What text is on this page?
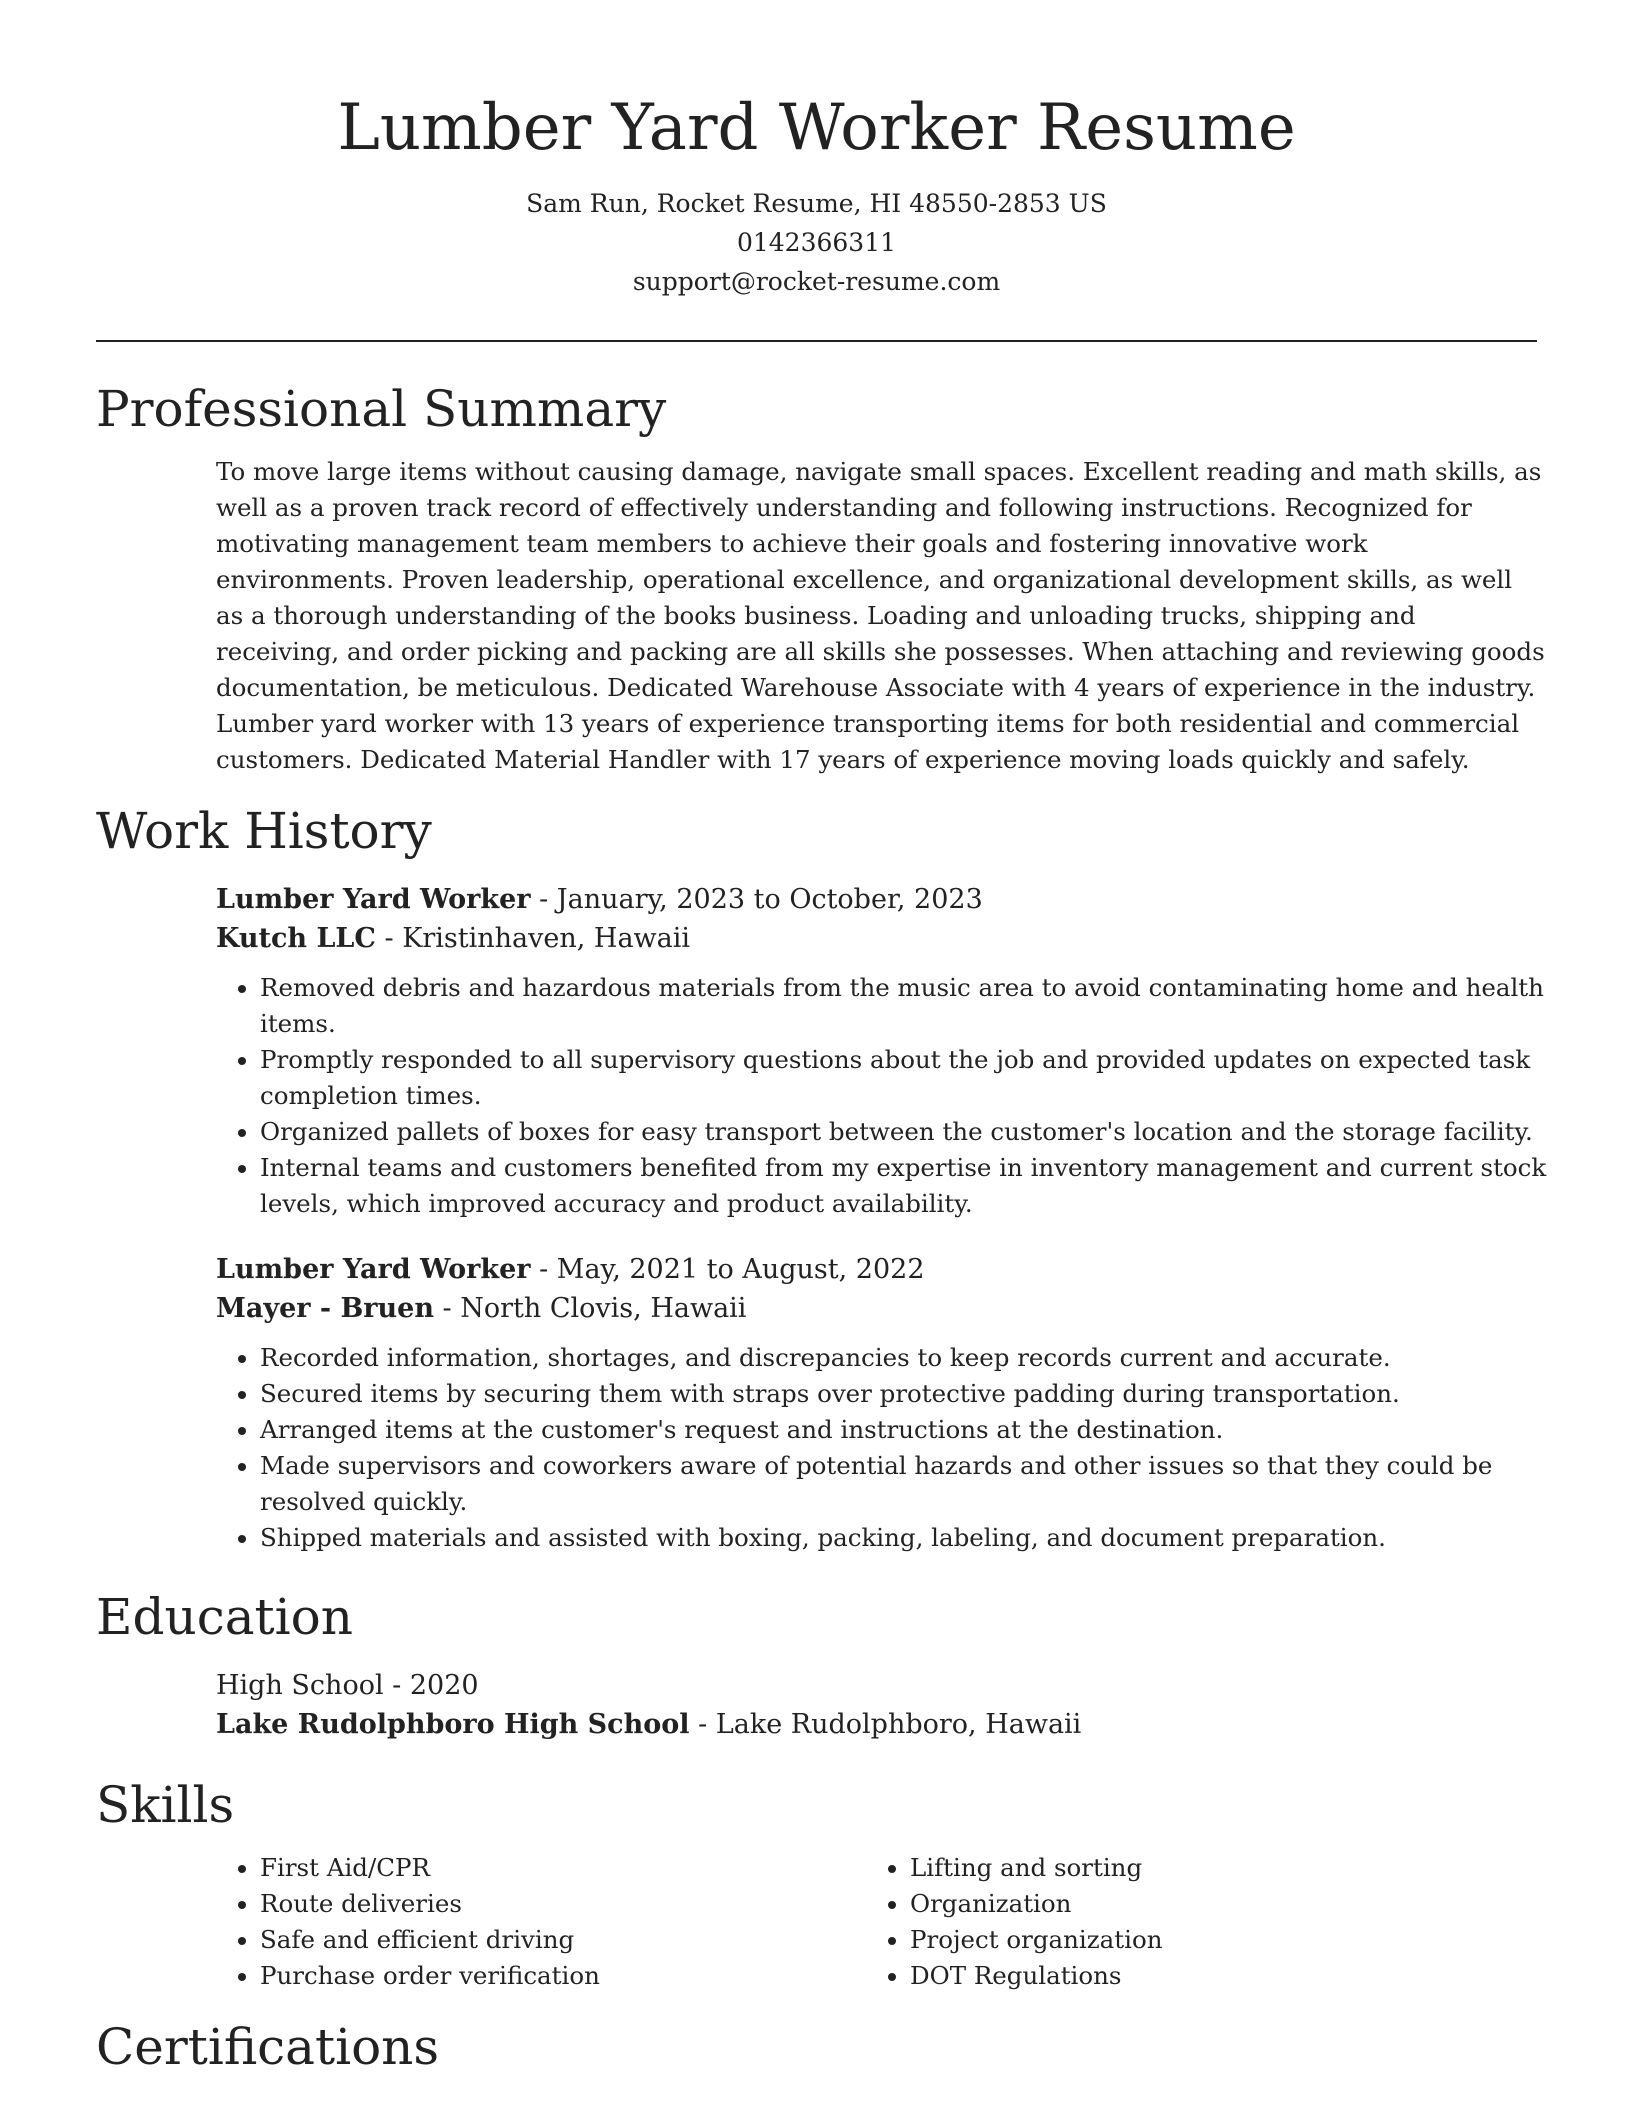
Lumber Yard Worker Resume
Sam Run, Rocket Resume, HI 48550-2853 US
0142366311
support@rocket-resume.com
Professional Summary
To move large items without causing damage, navigate small spaces. Excellent reading and math skills, as well as a proven track record of effectively understanding and following instructions. Recognized for motivating management team members to achieve their goals and fostering innovative work environments. Proven leadership, operational excellence, and organizational development skills, as well as a thorough understanding of the books business. Loading and unloading trucks, shipping and receiving, and order picking and packing are all skills she possesses. When attaching and reviewing goods documentation, be meticulous. Dedicated Warehouse Associate with 4 years of experience in the industry. Lumber yard worker with 13 years of experience transporting items for both residential and commercial customers. Dedicated Material Handler with 17 years of experience moving loads quickly and safely.
Work History
Lumber Yard Worker - January, 2023 to October, 2023
Kutch LLC - Kristinhaven, Hawaii
• Removed debris and hazardous materials from the music area to avoid contaminating home and health items.
• Promptly responded to all supervisory questions about the job and provided updates on expected task completion times.
• Organized pallets of boxes for easy transport between the customer's location and the storage facility.
• Internal teams and customers benefited from my expertise in inventory management and current stock levels, which improved accuracy and product availability.
Lumber Yard Worker - May, 2021 to August, 2022
Mayer - Bruen - North Clovis, Hawaii
• Recorded information, shortages, and discrepancies to keep records current and accurate.
• Secured items by securing them with straps over protective padding during transportation.
• Arranged items at the customer's request and instructions at the destination.
• Made supervisors and coworkers aware of potential hazards and other issues so that they could be resolved quickly.
• Shipped materials and assisted with boxing, packing, labeling, and document preparation.
Education
High School - 2020
Lake Rudolphboro High School - Lake Rudolphboro, Hawaii
Skills
• First Aid/CPR
• Route deliveries
• Safe and efficient driving
• Purchase order verification
• Lifting and sorting
• Organization
• Project organization
• DOT Regulations
Certifications
